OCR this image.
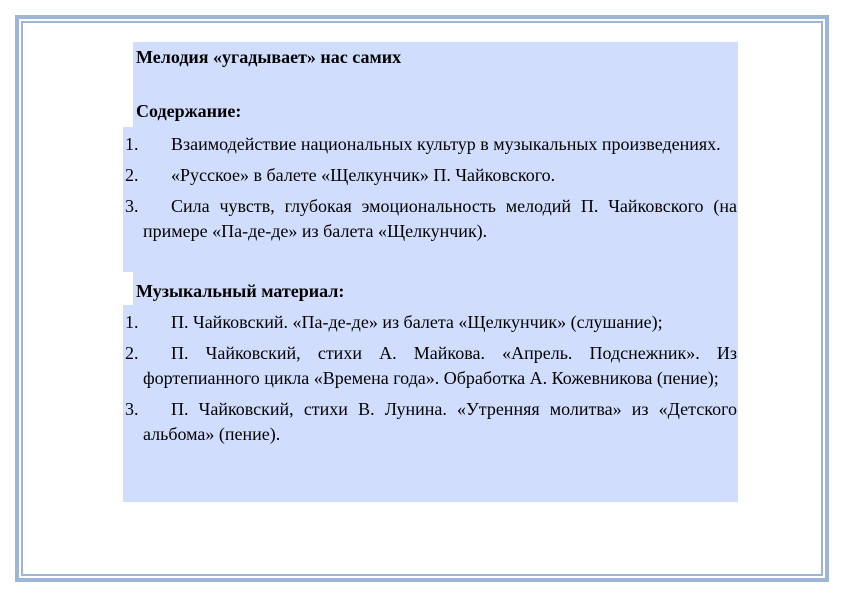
Мелодия «угадывает» нас самих
Содержание:
1.	Взаимодействие национальных культур в музыкальных произведениях.
2.	«Русское» в балете «Щелкунчик» П. Чайковского.
3.	Сила чувств, глубокая эмоциональность мелодий П. Чайковского (на примере «Па-де-де» из балета «Щелкунчик).
Музыкальный материал:
1.	П. Чайковский. «Па-де-де» из балета «Щелкунчик» (слушание);
2.	П. Чайковский, стихи А. Майкова. «Апрель. Подснежник». Из фортепианного цикла «Времена года». Обработка А. Кожевникова (пение);
3.	П. Чайковский, стихи В. Лунина. «Утренняя молитва» из «Детского альбома» (пение).
